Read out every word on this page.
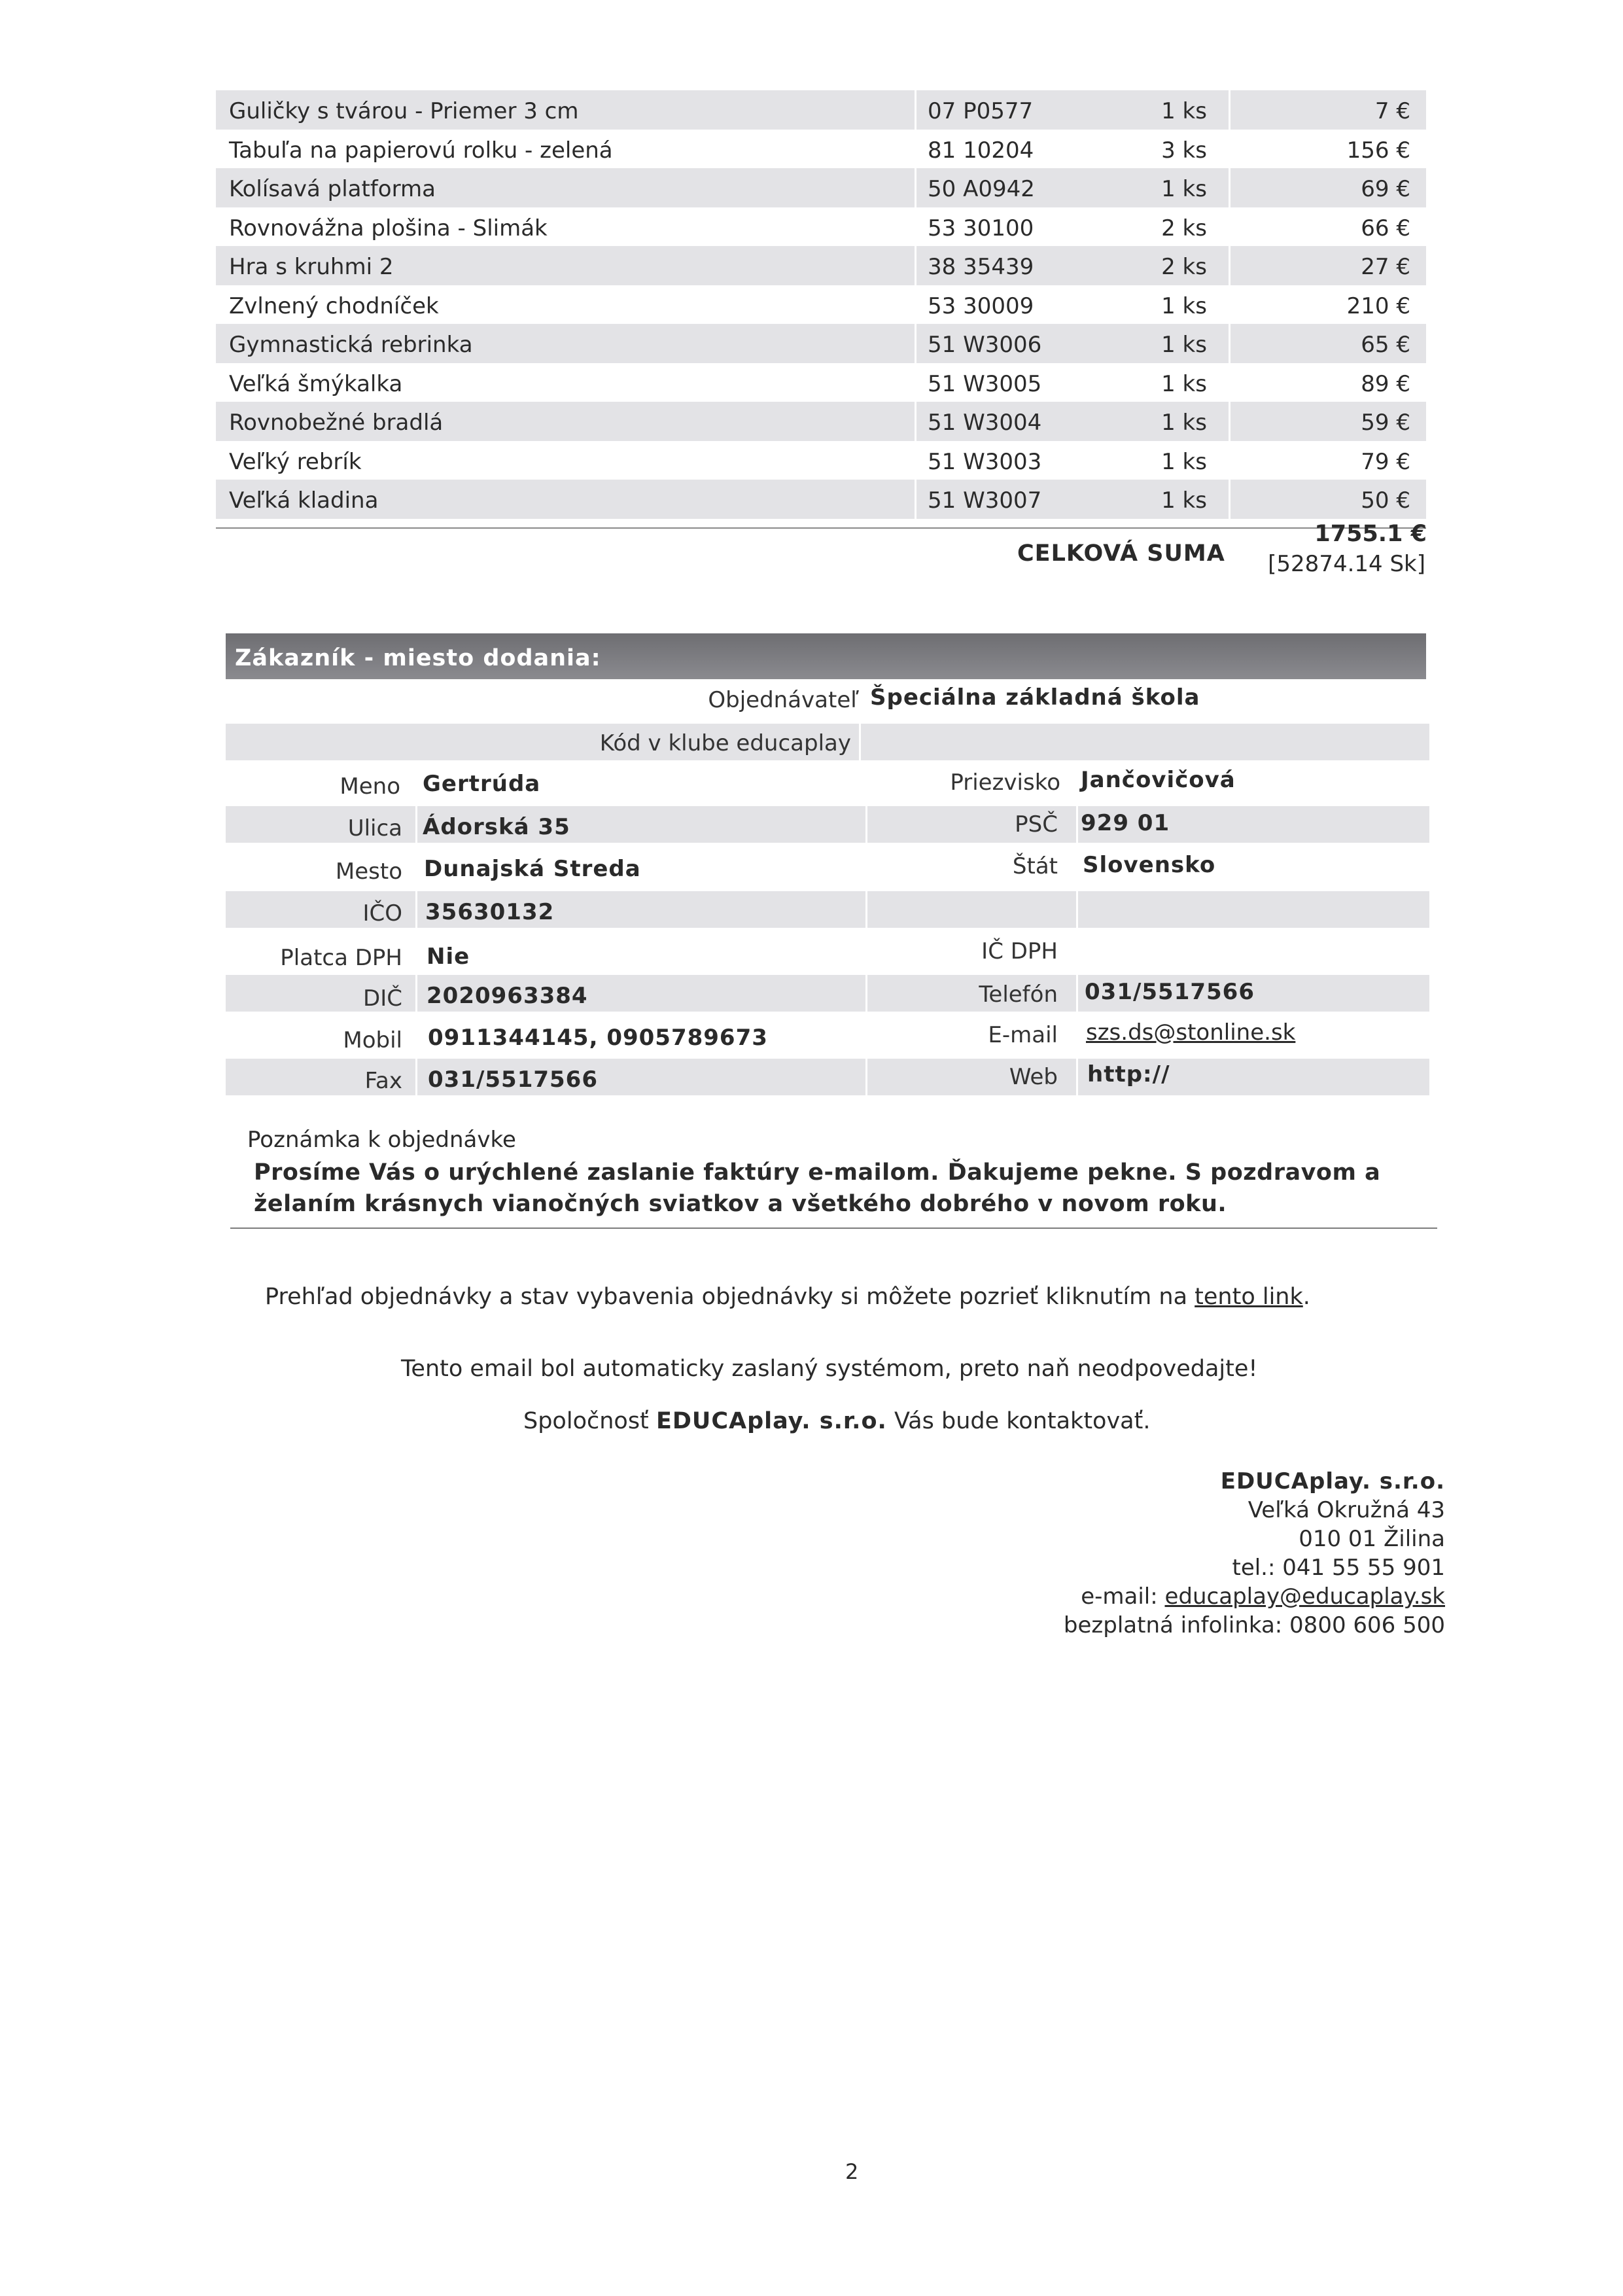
Guličky s tvárou - Priemer 3 cm	07 P0577	1 ks	7 €
Tabuľa na papierovú rolku - zelená	81 10204	3 ks	156 €
Kolísavá platforma	50 A0942	1 ks	69 €
Rovnovážna plošina - Slimák	53 30100	2 ks	66 €
Hra s kruhmi 2	38 35439	2 ks	27 €
Zvlnený chodníček	53 30009	1 ks	210 €
Gymnastická rebrinka	51 W3006	1 ks	65 €
Veľká šmýkalka	51 W3005	1 ks	89 €
Rovnobežné bradlá	51 W3004	1 ks	59 €
Veľký rebrík	51 W3003	1 ks	79 €
Veľká kladina	51 W3007	1 ks	50 €
CELKOVÁ SUMA
1755.1 €
[52874.14 Sk]
Zákazník - miesto dodania:
Objednávateľ Špeciálna základná škola
Kód v klube educaplay
Meno Gertrúda	Priezvisko Jančovičová
Ulica Ádorská 35	PSČ 929 01
Mesto Dunajská Streda	Štát Slovensko
IČO 35630132
Platca DPH Nie	IČ DPH
DIČ 2020963384	Telefón 031/5517566
Mobil 0911344145, 0905789673	E-mail szs.ds@stonline.sk
Fax 031/5517566	Web http://
Poznámka k objednávke
Prosíme Vás o urýchlené zaslanie faktúry e-mailom. Ďakujeme pekne. S pozdravom a želaním krásnych vianočných sviatkov a všetkého dobrého v novom roku.
Prehľad objednávky a stav vybavenia objednávky si môžete pozrieť kliknutím na tento link.
Tento email bol automaticky zaslaný systémom, preto naň neodpovedajte!
Spoločnosť EDUCAplay. s.r.o. Vás bude kontaktovať.
EDUCAplay. s.r.o.
Veľká Okružná 43
010 01 Žilina
tel.: 041 55 55 901
e-mail: educaplay@educaplay.sk
bezplatná infolinka: 0800 606 500
2
